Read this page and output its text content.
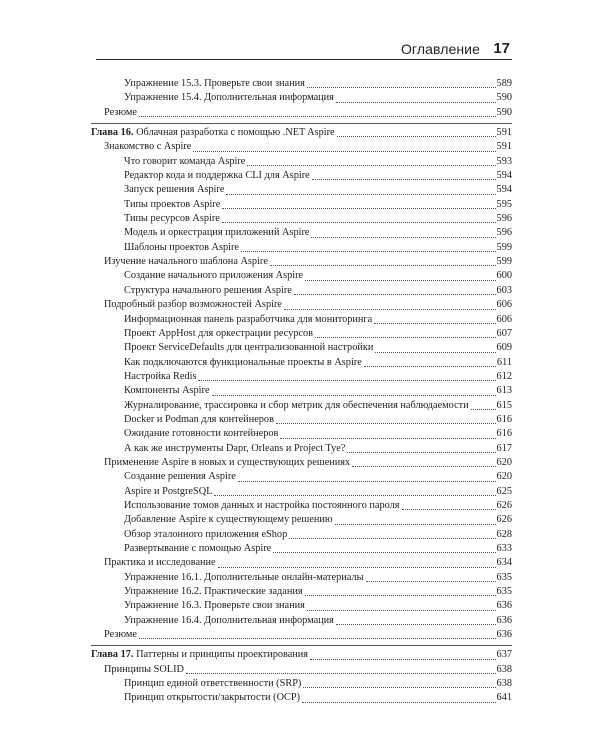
Оглавление 17
Упражнение 15.3. Проверьте свои знания	589
Упражнение 15.4. Дополнительная информация	590
Резюме	590
Глава 16. Облачная разработка с помощью .NET Aspire	591
Знакомство с Aspire	591
Что говорит команда Aspire	593
Редактор кода и поддержка CLI для Aspire	594
Запуск решения Aspire	594
Типы проектов Aspire	595
Типы ресурсов Aspire	596
Модель и оркестрация приложений Aspire	596
Шаблоны проектов Aspire	599
Изучение начального шаблона Aspire	599
Создание начального приложения Aspire	600
Структура начального решения Aspire	603
Подробный разбор возможностей Aspire	606
Информационная панель разработчика для мониторинга	606
Проект AppHost для оркестрации ресурсов	607
Проект ServiceDefaults для централизованной настройки	609
Как подключаются функциональные проекты в Aspire	611
Настройка Redis	612
Компоненты Aspire	613
Журналирование, трассировка и сбор метрик для обеспечения наблюдаемости	615
Docker и Podman для контейнеров	616
Ожидание готовности контейнеров	616
А как же инструменты Dapr, Orleans и Project Tye?	617
Применение Aspire в новых и существующих решениях	620
Создание решения Aspire	620
Aspire и PostgreSQL	625
Использование томов данных и настройка постоянного пароля	626
Добавление Aspire к существующему решению	626
Обзор эталонного приложения eShop	628
Развертывание с помощью Aspire	633
Практика и исследование	634
Упражнение 16.1. Дополнительные онлайн-материалы	635
Упражнение 16.2. Практические задания	635
Упражнение 16.3. Проверьте свои знания	636
Упражнение 16.4. Дополнительная информация	636
Резюме	636
Глава 17. Паттерны и принципы проектирования	637
Принципы SOLID	638
Принцип единой ответственности (SRP)	638
Принцип открытости/закрытости (OCP)	641
